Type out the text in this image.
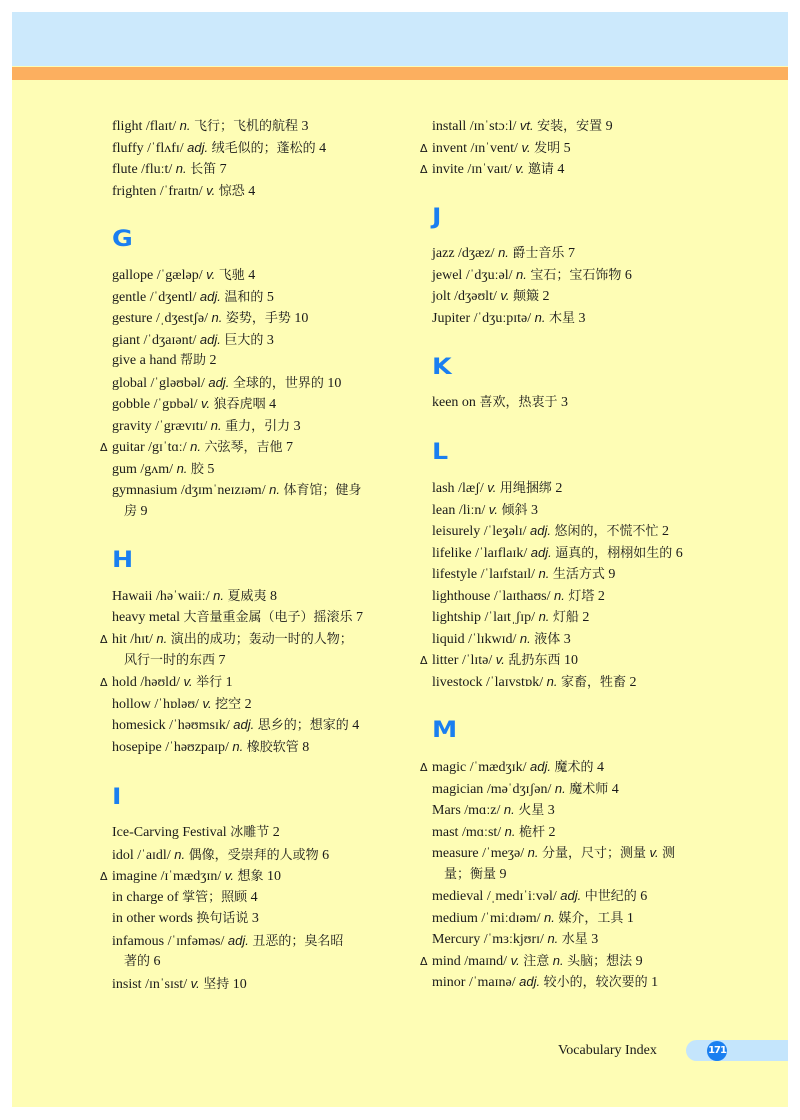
flight /flaɪt/ n. 飞行；飞机的航程 3
fluffy /ˈflʌfɪ/ adj. 绒毛似的；蓬松的 4
flute /fluːt/ n. 长笛 7
frighten /ˈfraɪtn/ v. 惊恐 4
G
gallope /ˈgæləp/ v. 飞驰 4
gentle /ˈdʒentl/ adj. 温和的 5
gesture /ˌdʒestʃə/ n. 姿势，手势 10
giant /ˈdʒaɪənt/ adj. 巨大的 3
give a hand 帮助 2
global /ˈgləʊbəl/ adj. 全球的，世界的 10
gobble /ˈgɒbəl/ v. 狼吞虎咽 4
gravity /ˈgrævɪtɪ/ n. 重力，引力 3
Δ guitar /gɪˈtɑː/ n. 六弦琴，吉他 7
gum /gʌm/ n. 胶 5
gymnasium /dʒɪmˈneɪzɪəm/ n. 体育馆；健身
房 9
H
Hawaii /həˈwaiiː/ n. 夏威夷 8
heavy metal 大音量重金属（电子）摇滚乐 7
Δ hit /hɪt/ n. 演出的成功；轰动一时的人物；
风行一时的东西 7
Δ hold /həʊld/ v. 举行 1
hollow /ˈhɒləʊ/ v. 挖空 2
homesick /ˈhəʊmsɪk/ adj. 思乡的；想家的 4
hosepipe /ˈhəʊzpaɪp/ n. 橡胶软管 8
I
Ice-Carving Festival 冰雕节 2
idol /ˈaɪdl/ n. 偶像，受崇拜的人或物 6
Δ imagine /ɪˈmædʒɪn/ v. 想象 10
in charge of 掌管；照顾 4
in other words 换句话说 3
infamous /ˈɪnfəməs/ adj. 丑恶的；臭名昭
著的 6
insist /ɪnˈsɪst/ v. 坚持 10
install /ɪnˈstɔːl/ vt. 安装，安置 9
Δ invent /ɪnˈvent/ v. 发明 5
Δ invite /ɪnˈvaɪt/ v. 邀请 4
J
jazz /dʒæz/ n. 爵士音乐 7
jewel /ˈdʒuːəl/ n. 宝石；宝石饰物 6
jolt /dʒəʊlt/ v. 颠簸 2
Jupiter /ˈdʒuːpɪtə/ n. 木星 3
K
keen on 喜欢，热衷于 3
L
lash /læʃ/ v. 用绳捆绑 2
lean /liːn/ v. 倾斜 3
leisurely /ˈleʒəlɪ/ adj. 悠闲的，不慌不忙 2
lifelike /ˈlaɪflaɪk/ adj. 逼真的，栩栩如生的 6
lifestyle /ˈlaɪfstaɪl/ n. 生活方式 9
lighthouse /ˈlaɪthaʊs/ n. 灯塔 2
lightship /ˈlaɪtˌʃɪp/ n. 灯船 2
liquid /ˈlɪkwɪd/ n. 液体 3
Δ litter /ˈlɪtə/ v. 乱扔东西 10
livestock /ˈlaɪvstɒk/ n. 家畜，牲畜 2
M
Δ magic /ˈmædʒɪk/ adj. 魔术的 4
magician /məˈdʒɪʃən/ n. 魔术师 4
Mars /mɑːz/ n. 火星 3
mast /mɑːst/ n. 桅杆 2
measure /ˈmeʒə/ n. 分量，尺寸；测量 v. 测
量；衡量 9
medieval /ˌmedɪˈiːvəl/ adj. 中世纪的 6
medium /ˈmiːdɪəm/ n. 媒介，工具 1
Mercury /ˈmɜːkjʊrɪ/ n. 水星 3
Δ mind /maɪnd/ v. 注意 n. 头脑；想法 9
minor /ˈmaɪnə/ adj. 较小的，较次要的 1
Vocabulary Index	171
